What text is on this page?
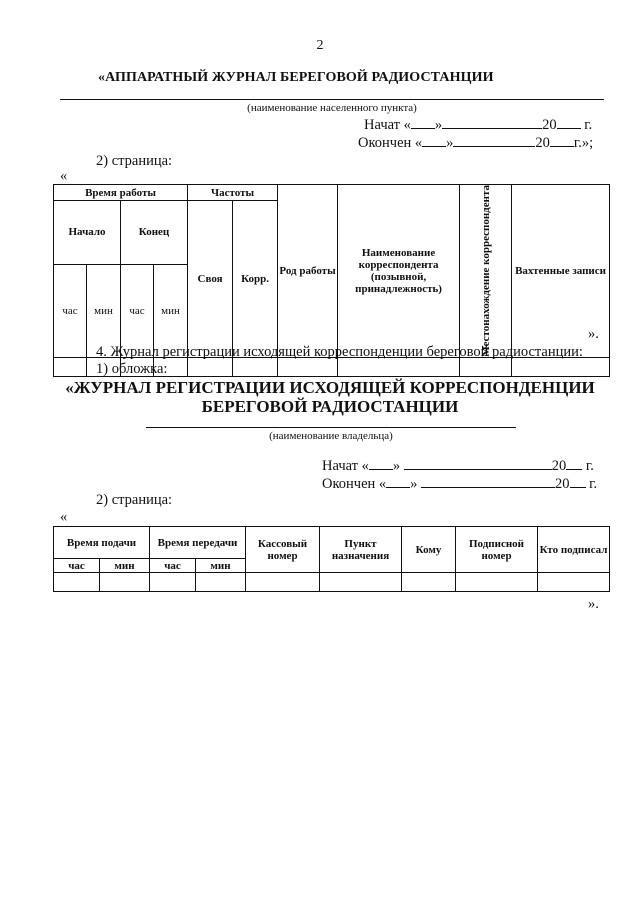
2
«АППАРАТНЫЙ ЖУРНАЛ БЕРЕГОВОЙ РАДИОСТАНЦИИ
(наименование населенного пункта)
Начат « »	20 г.
Окончен « »	20 г.»;
2) страница:
«
Время работы				Частоты		Род работы	Наименование корреспондента (позывной, принадлежность)	Местонахождение корреспондента	Вахтенные записи
Начало		Конец		Своя	Корр.				
час	мин	час	мин						

».
4. Журнал регистрации исходящей корреспонденции береговой радиостанции:
1) обложка:
«ЖУРНАЛ РЕГИСТРАЦИИ ИСХОДЯЩЕЙ КОРРЕСПОНДЕНЦИИ
БЕРЕГОВОЙ РАДИОСТАНЦИИ
(наименование владельца)
Начат « »	20 г.
Окончен « »	20 г.
2) страница:
«
Время подачи		Время передачи		Кассовый номер	Пункт назначения	Кому	Подписной номер	Кто подписал
час	мин	час	мин					

».
